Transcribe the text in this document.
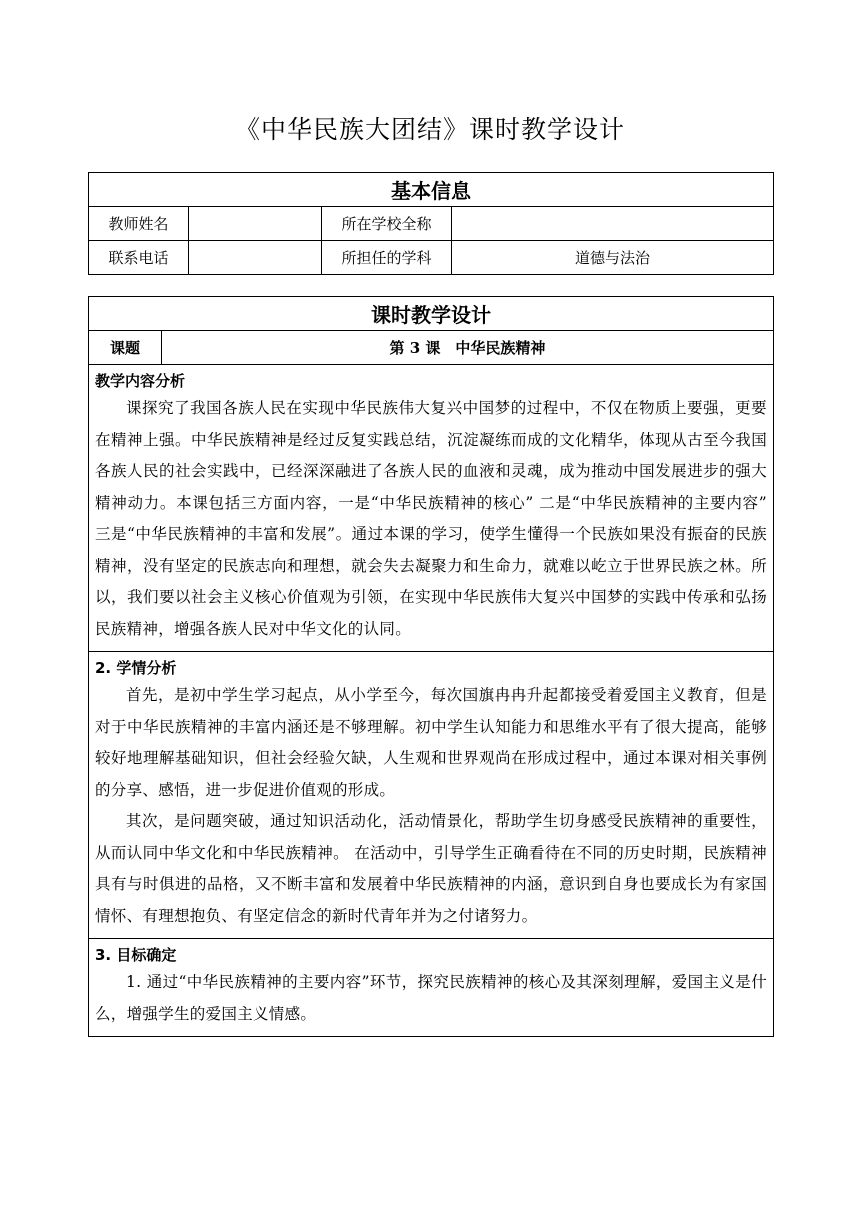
《中华民族大团结》课时教学设计
基本信息			
教师姓名		所在学校全称	
联系电话		所担任的学科	道德与法治
课时教学设计
课题	第 3 课　中华民族精神

教学内容分析

课探究了我国各族人民在实现中华民族伟大复兴中国梦的过程中，不仅在物质上要强，更要在精神上强。中华民族精神是经过反复实践总结，沉淀凝练而成的文化精华，体现从古至今我国各族人民的社会实践中，已经深深融进了各族人民的血液和灵魂，成为推动中国发展进步的强大精神动力。本课包括三方面内容，一是“中华民族精神的核心” 二是“中华民族精神的主要内容” 三是“中华民族精神的丰富和发展”。通过本课的学习，使学生懂得一个民族如果没有振奋的民族精神，没有坚定的民族志向和理想，就会失去凝聚力和生命力，就难以屹立于世界民族之林。所以，我们要以社会主义核心价值观为引领，在实现中华民族伟大复兴中国梦的实践中传承和弘扬民族精神，增强各族人民对中华文化的认同。

2. 学情分析

首先，是初中学生学习起点，从小学至今，每次国旗冉冉升起都接受着爱国主义教育，但是对于中华民族精神的丰富内涵还是不够理解。初中学生认知能力和思维水平有了很大提高，能够较好地理解基础知识，但社会经验欠缺，人生观和世界观尚在形成过程中，通过本课对相关事例的分享、感悟，进一步促进价值观的形成。

其次，是问题突破，通过知识活动化，活动情景化，帮助学生切身感受民族精神的重要性，从而认同中华文化和中华民族精神。 在活动中，引导学生正确看待在不同的历史时期，民族精神具有与时俱进的品格，又不断丰富和发展着中华民族精神的内涵，意识到自身也要成长为有家国情怀、有理想抱负、有坚定信念的新时代青年并为之付诸努力。

3. 目标确定

1. 通过“中华民族精神的主要内容”环节，探究民族精神的核心及其深刻理解，爱国主义是什么，增强学生的爱国主义情感。
